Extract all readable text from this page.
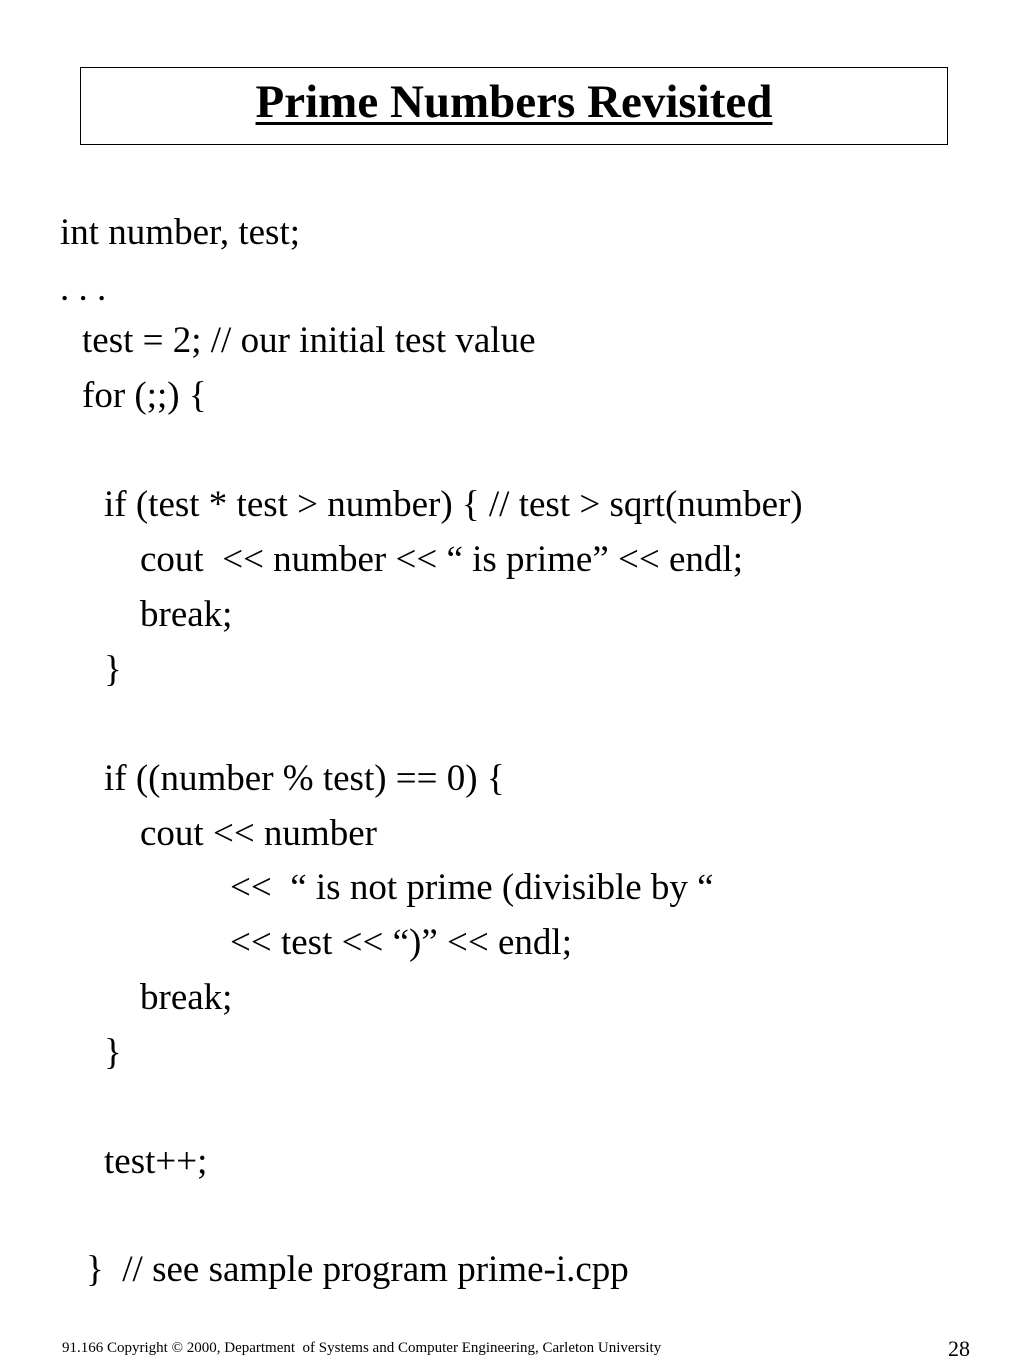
Prime Numbers Revisited
int number, test;
. . .
test = 2; // our initial test value
for (;;) {
if (test * test > number) { // test > sqrt(number)
cout  << number << “ is prime” << endl;
break;
}
if ((number % test) == 0) {
cout << number
<<  “ is not prime (divisible by “
<< test << “)” << endl;
break;
}
test++;
}  // see sample program prime-i.cpp
91.166 Copyright © 2000, Department  of Systems and Computer Engineering, Carleton University	28
